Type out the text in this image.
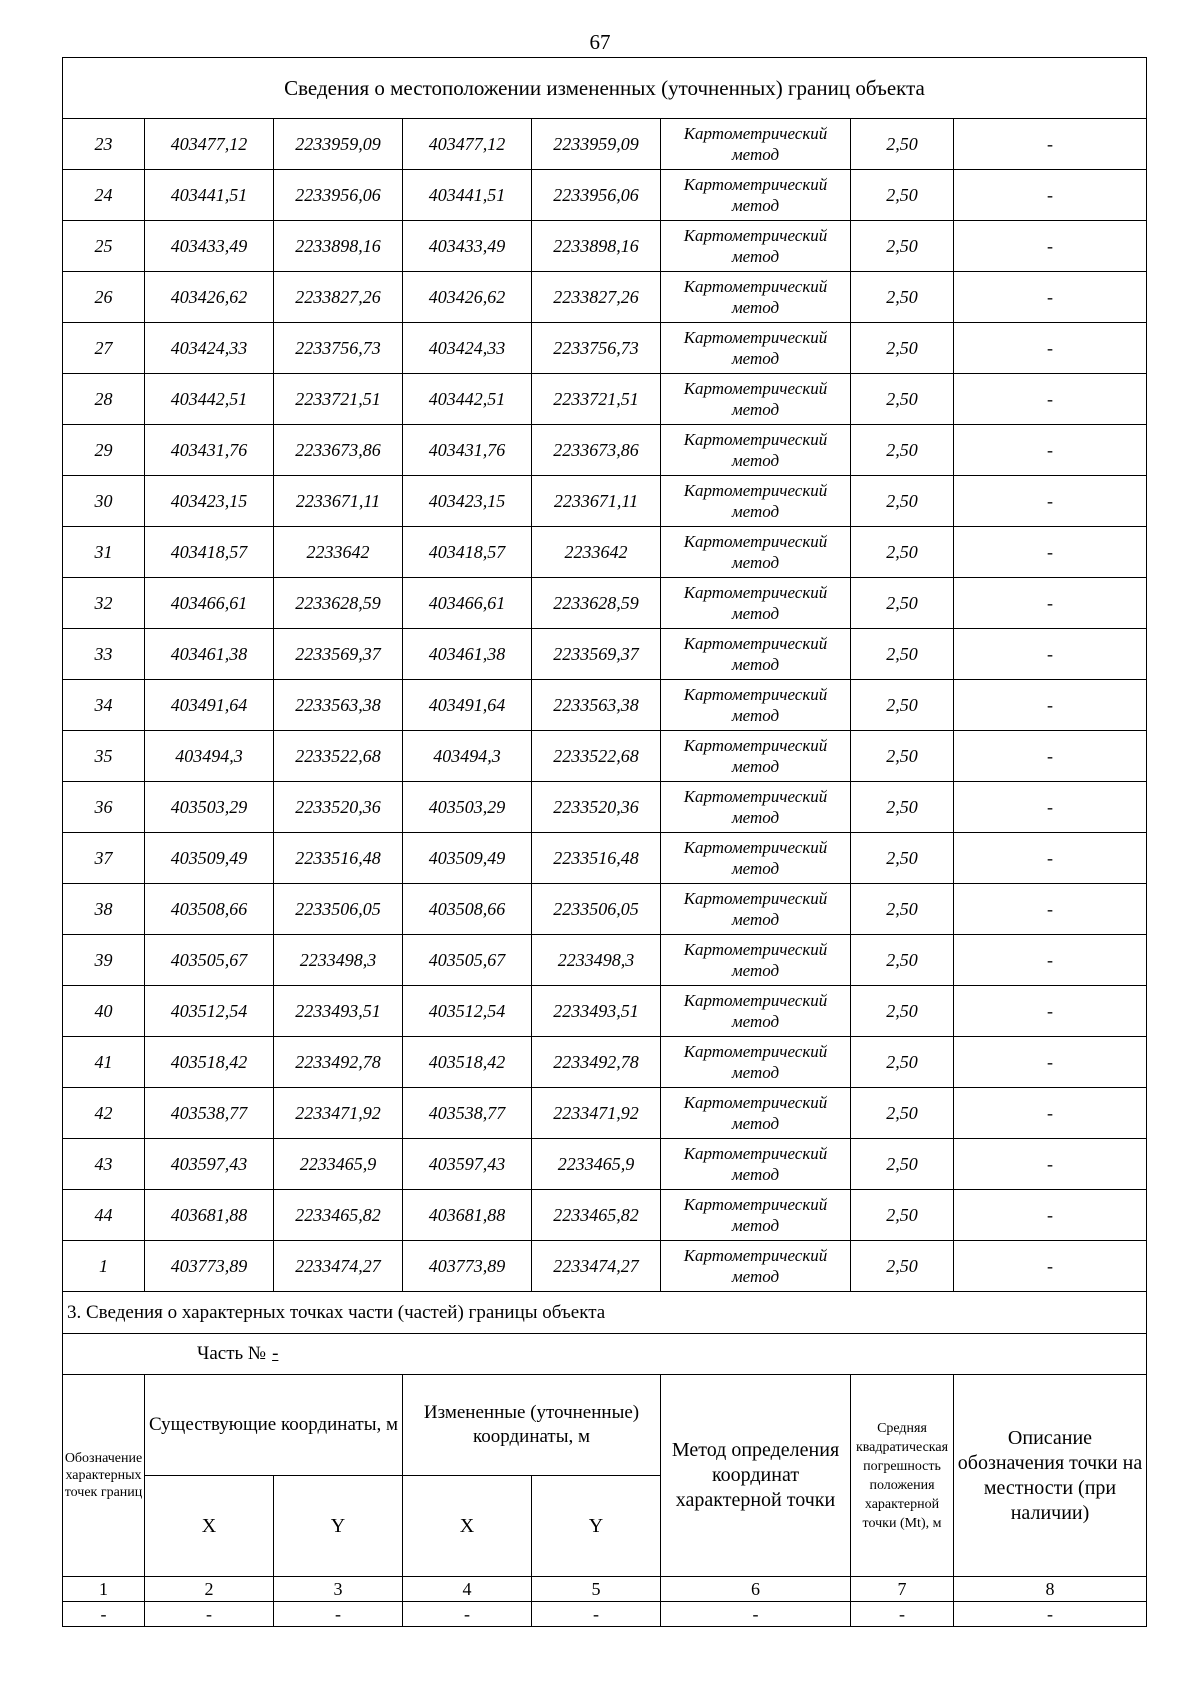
67
Сведения о местоположении измененных (уточненных) границ объекта							
23	403477,12	2233959,09	403477,12	2233959,09	Картометрический метод	2,50	-
24	403441,51	2233956,06	403441,51	2233956,06	Картометрический метод	2,50	-
25	403433,49	2233898,16	403433,49	2233898,16	Картометрический метод	2,50	-
26	403426,62	2233827,26	403426,62	2233827,26	Картометрический метод	2,50	-
27	403424,33	2233756,73	403424,33	2233756,73	Картометрический метод	2,50	-
28	403442,51	2233721,51	403442,51	2233721,51	Картометрический метод	2,50	-
29	403431,76	2233673,86	403431,76	2233673,86	Картометрический метод	2,50	-
30	403423,15	2233671,11	403423,15	2233671,11	Картометрический метод	2,50	-
31	403418,57	2233642	403418,57	2233642	Картометрический метод	2,50	-
32	403466,61	2233628,59	403466,61	2233628,59	Картометрический метод	2,50	-
33	403461,38	2233569,37	403461,38	2233569,37	Картометрический метод	2,50	-
34	403491,64	2233563,38	403491,64	2233563,38	Картометрический метод	2,50	-
35	403494,3	2233522,68	403494,3	2233522,68	Картометрический метод	2,50	-
36	403503,29	2233520,36	403503,29	2233520,36	Картометрический метод	2,50	-
37	403509,49	2233516,48	403509,49	2233516,48	Картометрический метод	2,50	-
38	403508,66	2233506,05	403508,66	2233506,05	Картометрический метод	2,50	-
39	403505,67	2233498,3	403505,67	2233498,3	Картометрический метод	2,50	-
40	403512,54	2233493,51	403512,54	2233493,51	Картометрический метод	2,50	-
41	403518,42	2233492,78	403518,42	2233492,78	Картометрический метод	2,50	-
42	403538,77	2233471,92	403538,77	2233471,92	Картометрический метод	2,50	-
43	403597,43	2233465,9	403597,43	2233465,9	Картометрический метод	2,50	-
44	403681,88	2233465,82	403681,88	2233465,82	Картометрический метод	2,50	-
1	403773,89	2233474,27	403773,89	2233474,27	Картометрический метод	2,50	-
3. Сведения о характерных точках части (частей) границы объекта							

Часть № -							

Обозначение характерных точек границ	Существующие координаты, м		Измененные (уточненные) координаты, м		Метод определения координат характерной точки	Средняя квадратическая погрешность положения характерной точки (Mt), м	Описание обозначения точки на местности (при наличии)
	X	Y	X	Y			
1	2	3	4	5	6	7	8
-	-	-	-	-	-	-	-
